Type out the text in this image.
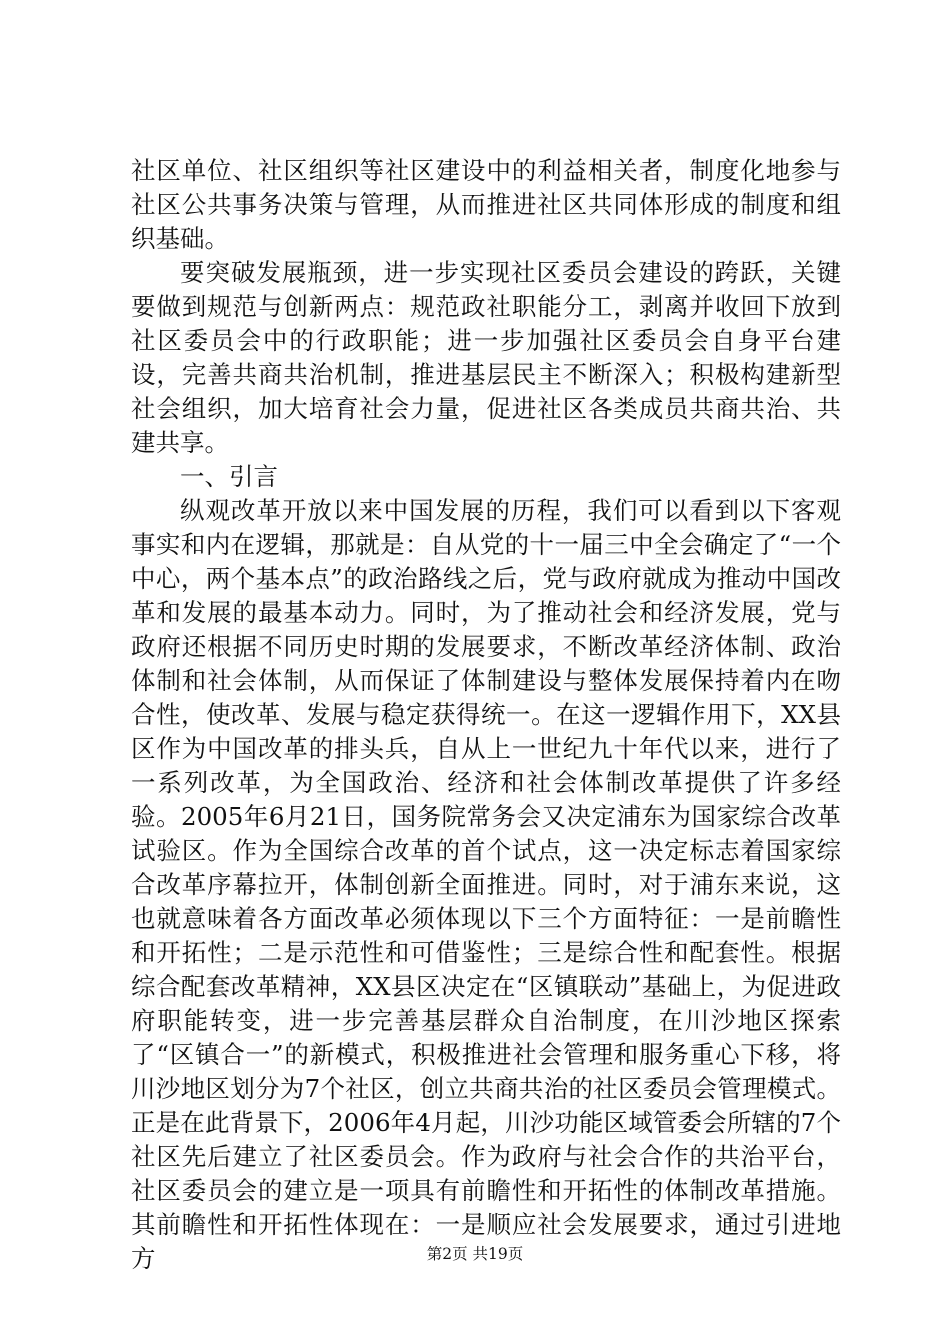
社区单位、社区组织等社区建设中的利益相关者，制度化地参与社区公共事务决策与管理，从而推进社区共同体形成的制度和组织基础。

要突破发展瓶颈，进一步实现社区委员会建设的跨跃，关键要做到规范与创新两点：规范政社职能分工，剥离并收回下放到社区委员会中的行政职能；进一步加强社区委员会自身平台建设，完善共商共治机制，推进基层民主不断深入；积极构建新型社会组织，加大培育社会力量，促进社区各类成员共商共治、共建共享。

一、引言

纵观改革开放以来中国发展的历程，我们可以看到以下客观事实和内在逻辑，那就是：自从党的十一届三中全会确定了“一个中心，两个基本点”的政治路线之后，党与政府就成为推动中国改革和发展的最基本动力。同时，为了推动社会和经济发展，党与政府还根据不同历史时期的发展要求，不断改革经济体制、政治体制和社会体制，从而保证了体制建设与整体发展保持着内在吻合性，使改革、发展与稳定获得统一。在这一逻辑作用下，XX县区作为中国改革的排头兵，自从上一世纪九十年代以来，进行了一系列改革，为全国政治、经济和社会体制改革提供了许多经验。2005年6月21日，国务院常务会又决定浦东为国家综合改革试验区。作为全国综合改革的首个试点，这一决定标志着国家综合改革序幕拉开，体制创新全面推进。同时，对于浦东来说，这也就意味着各方面改革必须体现以下三个方面特征：一是前瞻性和开拓性；二是示范性和可借鉴性；三是综合性和配套性。根据综合配套改革精神，XX县区决定在“区镇联动”基础上，为促进政府职能转变，进一步完善基层群众自治制度，在川沙地区探索了“区镇合一”的新模式，积极推进社会管理和服务重心下移，将川沙地区划分为7个社区，创立共商共治的社区委员会管理模式。正是在此背景下，2006年4月起，川沙功能区域管委会所辖的7个社区先后建立了社区委员会。作为政府与社会合作的共治平台，社区委员会的建立是一项具有前瞻性和开拓性的体制改革措施。其前瞻性和开拓性体现在：一是顺应社会发展要求，通过引进地方	第2页 共19页
